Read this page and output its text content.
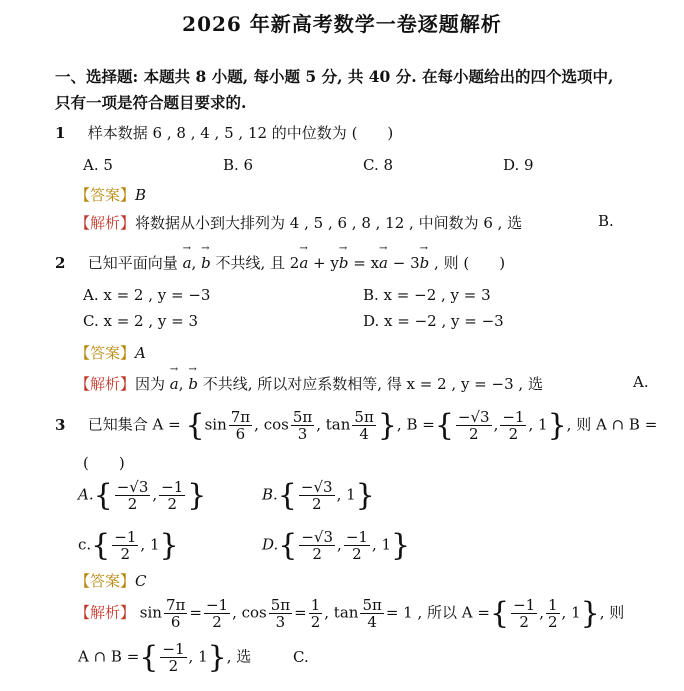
2026 年新高考数学一卷逐题解析
一、选择题: 本题共 8 小题, 每小题 5 分, 共 40 分. 在每小题给出的四个选项中,
只有一项是符合题目要求的.
1 样本数据 6 , 8 , 4 , 5 , 12 的中位数为 (　　)
A. 5	B. 6	C. 8	D. 9
【答案】B
【解析】将数据从小到大排列为 4 , 5 , 6 , 8 , 12 , 中间数为 6 , 选	B.
2 已知平面向量 a →, b → 不共线, 且 2a → + yb → = xa → − 3b → , 则 (　　)
A. x = 2 , y = −3	B. x = −2 , y = 3
C. x = 2 , y = 3	D. x = −2 , y = −3
【答案】A
【解析】因为 a →, b → 不共线, 所以对应系数相等, 得 x = 2 , y = −3 , 选	A.
3 已知集合 $A = \{\sin \frac{7\pi}{6}$ , $\cos \frac{5\pi}{3}$ , $\tan \frac{5\pi}{4}$ }, B ={ $\frac{-√3}{2}$ , $\frac{-1}{2}$ , 1}, 则 A ∩ B =
(　　)
$A.\{ \frac{-√3}{2}$ , $\frac{-1}{2}$ }	$B.\{ \frac{-√3}{2}$ , 1}
$c.\{ \frac{-1}{2}$ , 1}	$D.\{ \frac{-√3}{2}$ , $\frac{-1}{2}$ , 1}
【答案】C
【解析】 $\sin \frac{7\pi}{6} = \frac{-1}{2}$ , $\cos \frac{5\pi}{3} = \frac{1}{2}$ , $\tan \frac{5\pi}{4} = 1$ , 所以 A ={ $\frac{-1}{2}$ , $\frac{1}{2}$ , 1}, 则
A ∩ B ={ $\frac{-1}{2}$ , 1}, 选	C.
